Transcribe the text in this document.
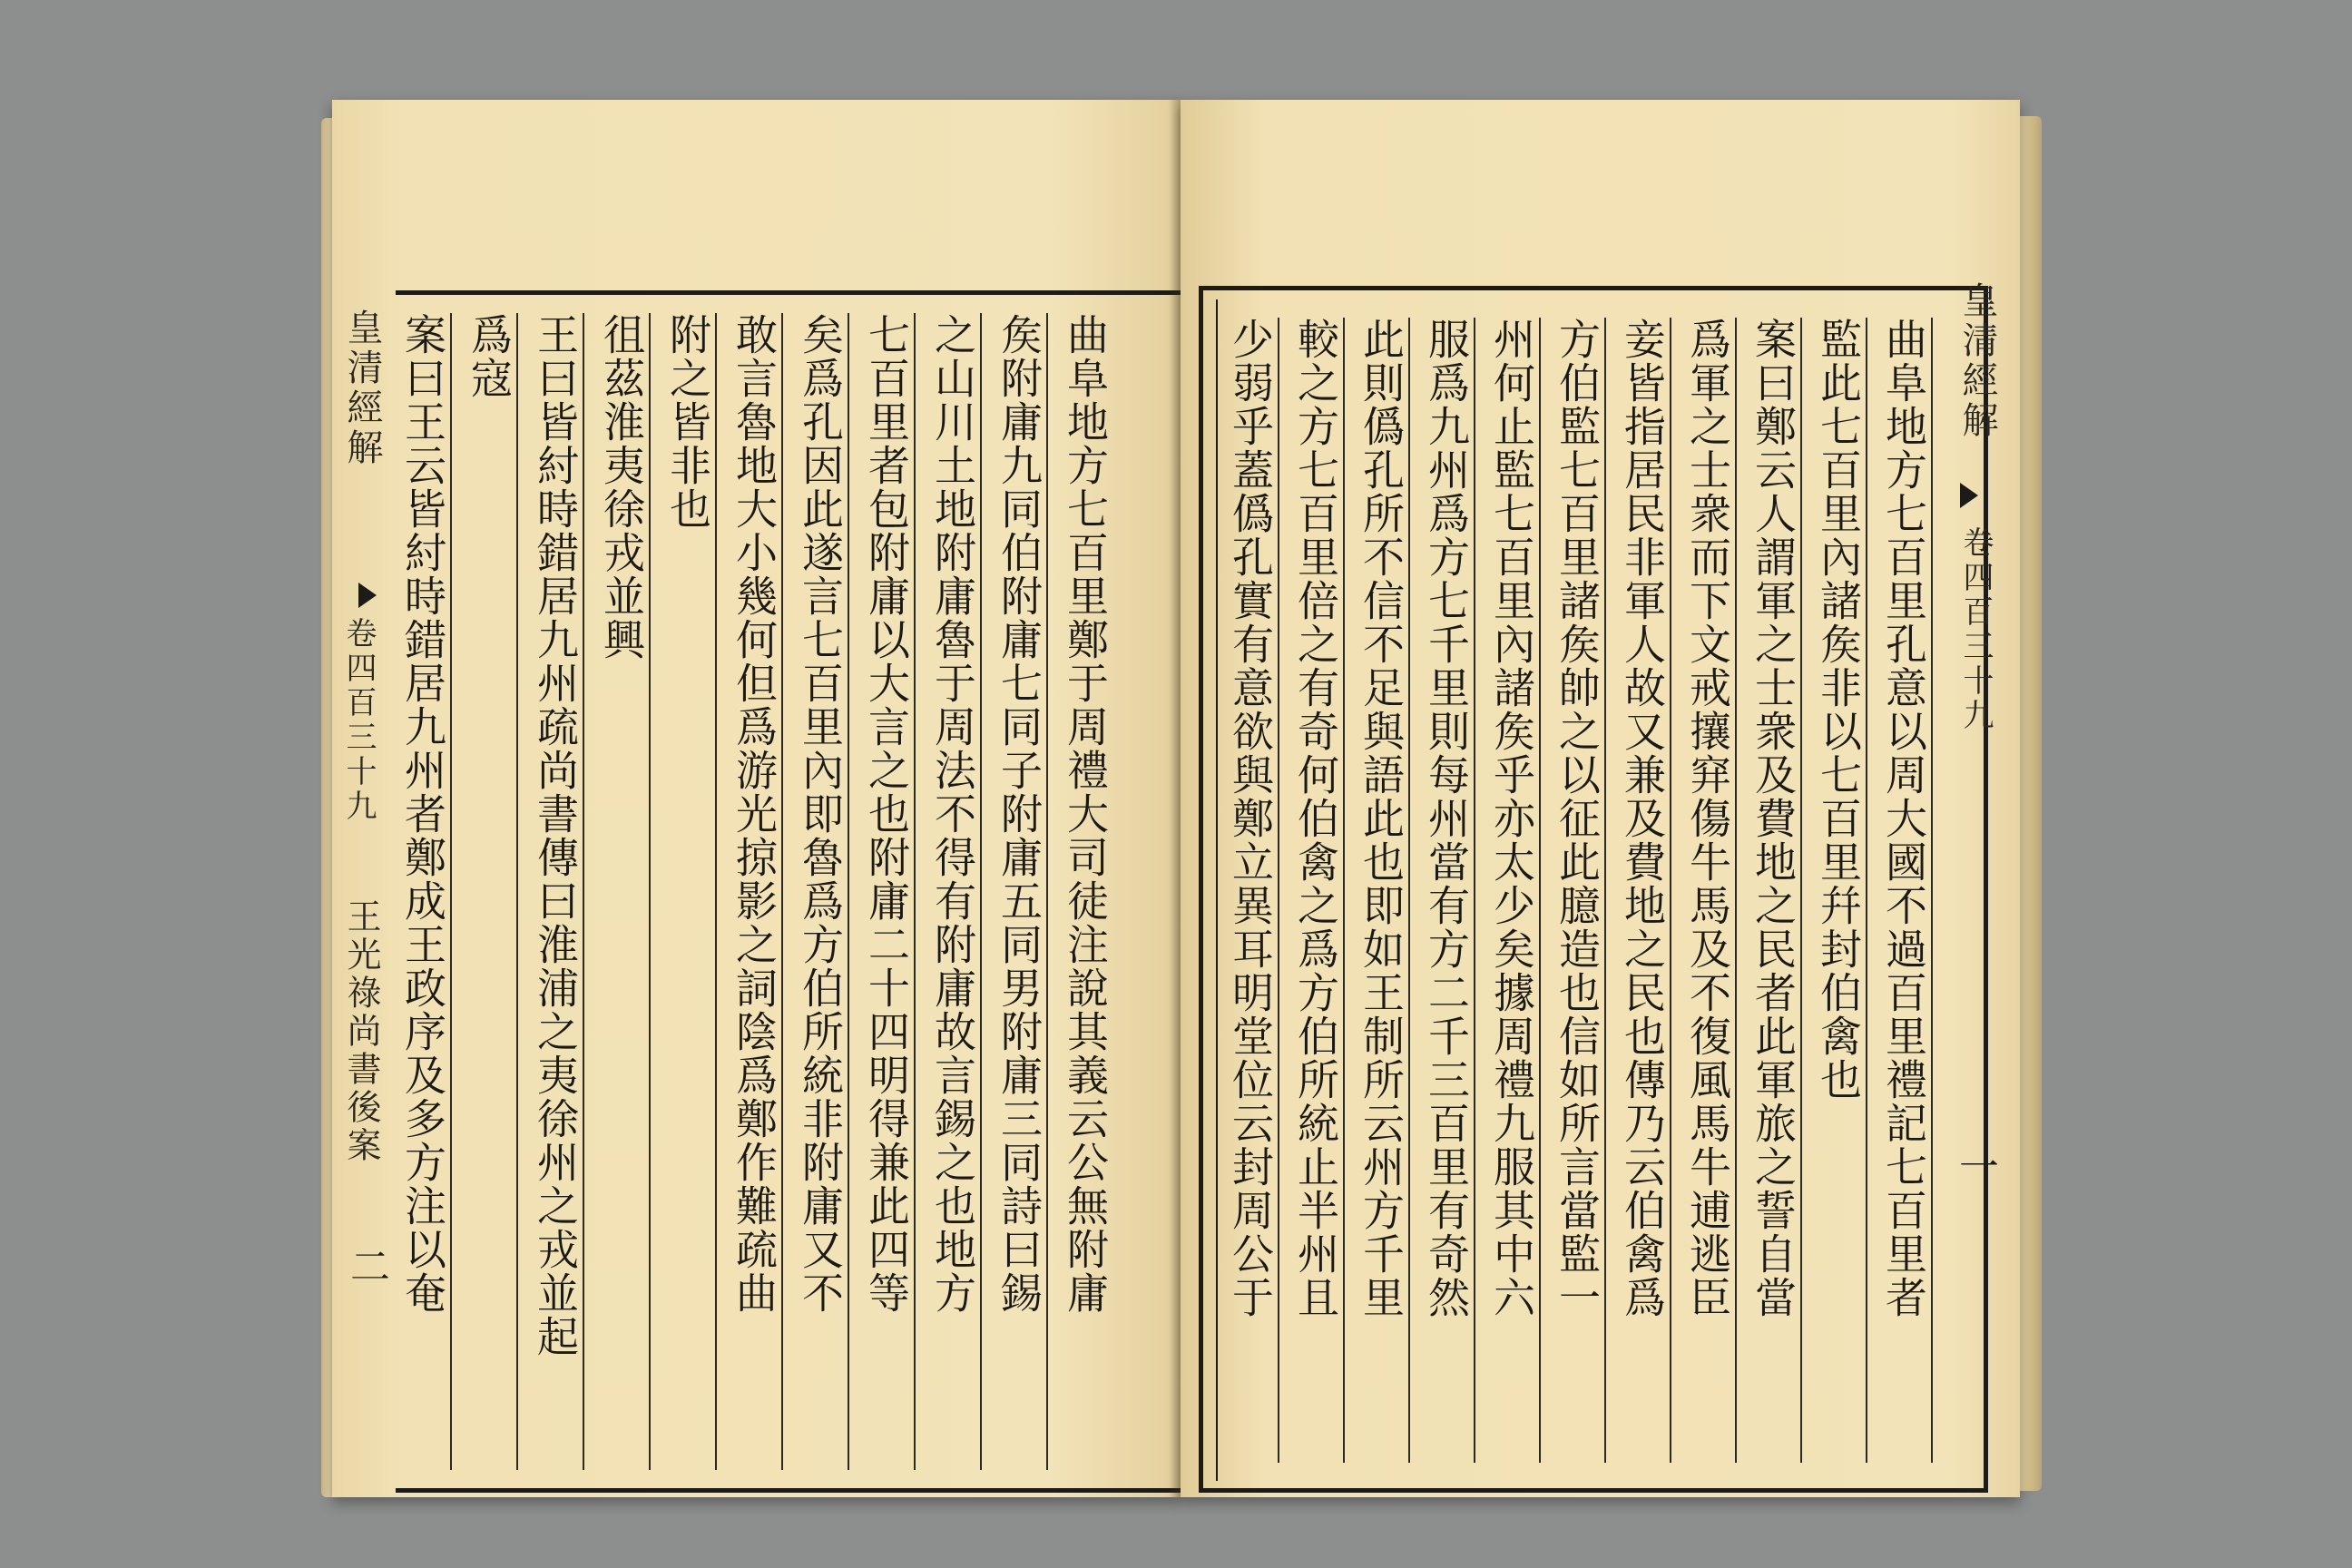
皇清經解
卷四百三十九
王光祿尚書後案
二 案曰王云皆紂時錯居九州者鄭成王政序及多方注以奄 爲寇 王曰皆紂時錯居九州疏尚書傳曰淮浦之夷徐州之戎並起 徂茲淮夷徐戎並興 附之皆非也 敢言魯地大小幾何但爲游光掠影之詞陰爲鄭作難疏曲 矣爲孔因此遂言七百里內即魯爲方伯所統非附庸又不 七百里者包附庸以大言之也附庸二十四明得兼此四等 之山川土地附庸魯于周法不得有附庸故言錫之也地方 矦附庸九同伯附庸七同子附庸五同男附庸三同詩曰錫 曲阜地方七百里鄭于周禮大司徒注說其義云公無附庸	少弱乎蓋僞孔實有意欲與鄭立異耳明堂位云封周公于 較之方七百里倍之有奇何伯禽之爲方伯所統止半州且 此則僞孔所不信不足與語此也即如王制所云州方千里 服爲九州爲方七千里則每州當有方二千三百里有奇然 州何止監七百里內諸矦乎亦太少矣據周禮九服其中六 方伯監七百里諸矦帥之以征此臆造也信如所言當監一 妾皆指居民非軍人故又兼及費地之民也傳乃云伯禽爲 爲軍之士衆而下文戒攘穽傷牛馬及不復風馬牛逋逃臣 案曰鄭云人謂軍之士衆及費地之民者此軍旅之誓自當 監此七百里內諸矦非以七百里幷封伯禽也 曲阜地方七百里孔意以周大國不過百里禮記七百里者 皇清經解
卷四百三十九
一
